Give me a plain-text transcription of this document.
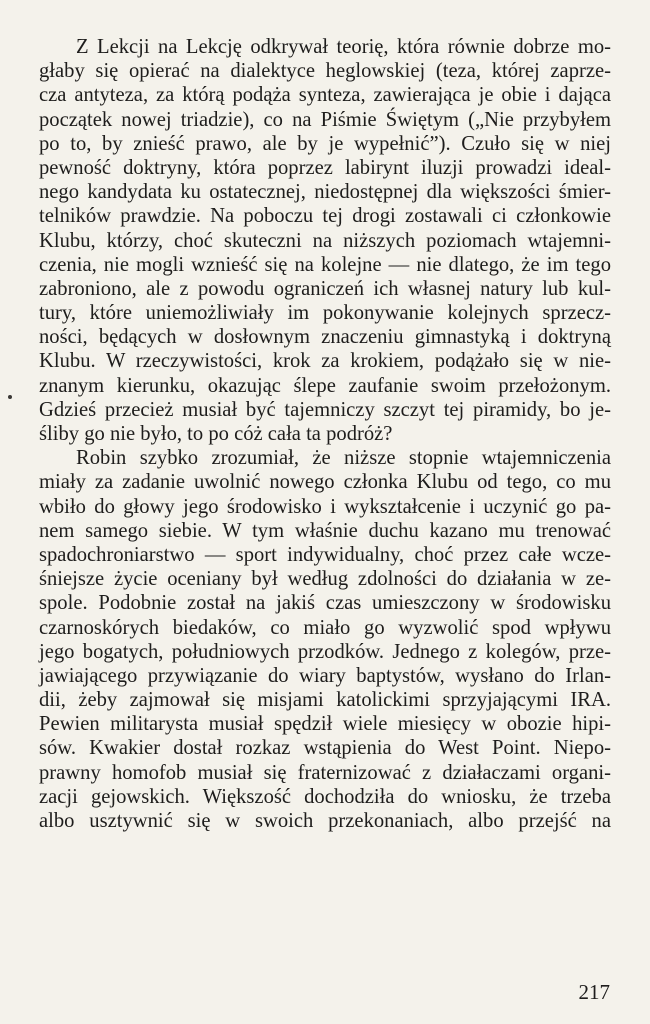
Z Lekcji na Lekcję odkrywał teorię, która równie dobrze mo-
głaby się opierać na dialektyce heglowskiej (teza, której zaprze-
cza antyteza, za którą podąża synteza, zawierająca je obie i dająca
początek nowej triadzie), co na Piśmie Świętym („Nie przybyłem
po to, by znieść prawo, ale by je wypełnić”). Czuło się w niej
pewność doktryny, która poprzez labirynt iluzji prowadzi ideal-
nego kandydata ku ostatecznej, niedostępnej dla większości śmier-
telników prawdzie. Na poboczu tej drogi zostawali ci członkowie
Klubu, którzy, choć skuteczni na niższych poziomach wtajemni-
czenia, nie mogli wznieść się na kolejne — nie dlatego, że im tego
zabroniono, ale z powodu ograniczeń ich własnej natury lub kul-
tury, które uniemożliwiały im pokonywanie kolejnych sprzecz-
ności, będących w dosłownym znaczeniu gimnastyką i doktryną
Klubu. W rzeczywistości, krok za krokiem, podążało się w nie-
znanym kierunku, okazując ślepe zaufanie swoim przełożonym.
Gdzieś przecież musiał być tajemniczy szczyt tej piramidy, bo je-
śliby go nie było, to po cóż cała ta podróż?
Robin szybko zrozumiał, że niższe stopnie wtajemniczenia
miały za zadanie uwolnić nowego członka Klubu od tego, co mu
wbiło do głowy jego środowisko i wykształcenie i uczynić go pa-
nem samego siebie. W tym właśnie duchu kazano mu trenować
spadochroniarstwo — sport indywidualny, choć przez całe wcze-
śniejsze życie oceniany był według zdolności do działania w ze-
spole. Podobnie został na jakiś czas umieszczony w środowisku
czarnoskórych biedaków, co miało go wyzwolić spod wpływu
jego bogatych, południowych przodków. Jednego z kolegów, prze-
jawiającego przywiązanie do wiary baptystów, wysłano do Irlan-
dii, żeby zajmował się misjami katolickimi sprzyjającymi IRA.
Pewien militarysta musiał spędził wiele miesięcy w obozie hipi-
sów. Kwakier dostał rozkaz wstąpienia do West Point. Niepo-
prawny homofob musiał się fraternizować z działaczami organi-
zacji gejowskich. Większość dochodziła do wniosku, że trzeba
albo usztywnić się w swoich przekonaniach, albo przejść na
217
